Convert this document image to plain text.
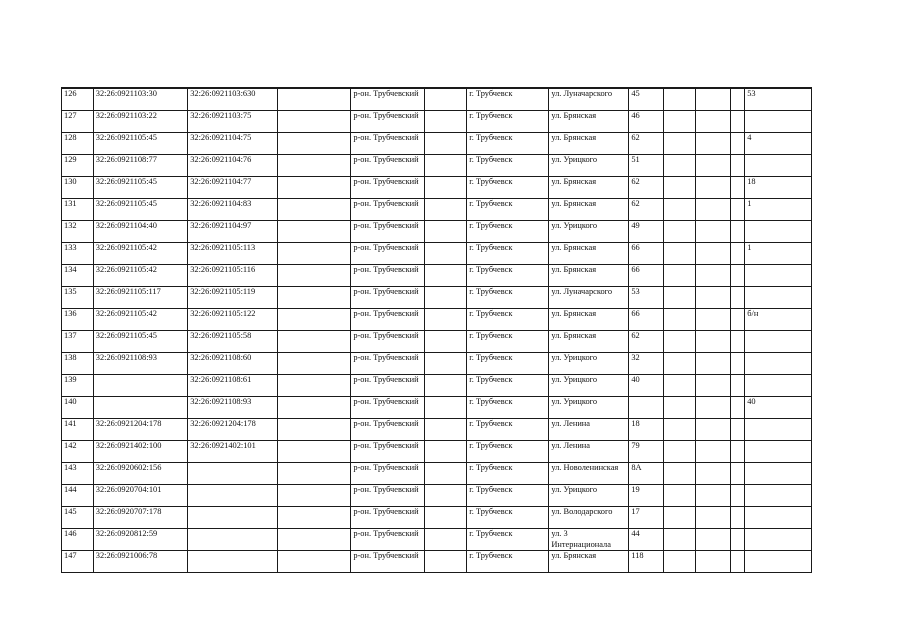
126	32:26:0921103:30	32:26:0921103:630		р-он. Трубчевский		г. Трубчевск	ул. Луначарского	45				53
127	32:26:0921103:22	32:26:0921103:75		р-он. Трубчевский		г. Трубчевск	ул. Брянская	46				
128	32:26:0921105:45	32:26:0921104:75		р-он. Трубчевский		г. Трубчевск	ул. Брянская	62				4
129	32:26:0921108:77	32:26:0921104:76		р-он. Трубчевский		г. Трубчевск	ул. Урицкого	51				
130	32:26:0921105:45	32:26:0921104:77		р-он. Трубчевский		г. Трубчевск	ул. Брянская	62				18
131	32:26:0921105:45	32:26:0921104:83		р-он. Трубчевский		г. Трубчевск	ул. Брянская	62				1
132	32:26:0921104:40	32:26:0921104:97		р-он. Трубчевский		г. Трубчевск	ул. Урицкого	49				
133	32:26:0921105:42	32:26:0921105:113		р-он. Трубчевский		г. Трубчевск	ул. Брянская	66				1
134	32:26:0921105:42	32:26:0921105:116		р-он. Трубчевский		г. Трубчевск	ул. Брянская	66				
135	32:26:0921105:117	32:26:0921105:119		р-он. Трубчевский		г. Трубчевск	ул. Луначарского	53				
136	32:26:0921105:42	32:26:0921105:122		р-он. Трубчевский		г. Трубчевск	ул. Брянская	66				б/н
137	32:26:0921105:45	32:26:0921105:58		р-он. Трубчевский		г. Трубчевск	ул. Брянская	62				
138	32:26:0921108:93	32:26:0921108:60		р-он. Трубчевский		г. Трубчевск	ул. Урицкого	32				
139		32:26:0921108:61		р-он. Трубчевский		г. Трубчевск	ул. Урицкого	40				
140		32:26:0921108:93		р-он. Трубчевский		г. Трубчевск	ул. Урицкого					40
141	32:26:0921204:178	32:26:0921204:178		р-он. Трубчевский		г. Трубчевск	ул. Ленина	18				
142	32:26:0921402:100	32:26:0921402:101		р-он. Трубчевский		г. Трубчевск	ул. Ленина	79				
143	32:26:0920602:156			р-он. Трубчевский		г. Трубчевск	ул. Новоленинская	8А				
144	32:26:0920704:101			р-он. Трубчевский		г. Трубчевск	ул. Урицкого	19				
145	32:26:0920707:178			р-он. Трубчевский		г. Трубчевск	ул. Володарского	17				
146	32:26:0920812:59			р-он. Трубчевский		г. Трубчевск	ул. 3 Интернационала	44				
147	32:26:0921006:78			р-он. Трубчевский		г. Трубчевск	ул. Брянская	118				
